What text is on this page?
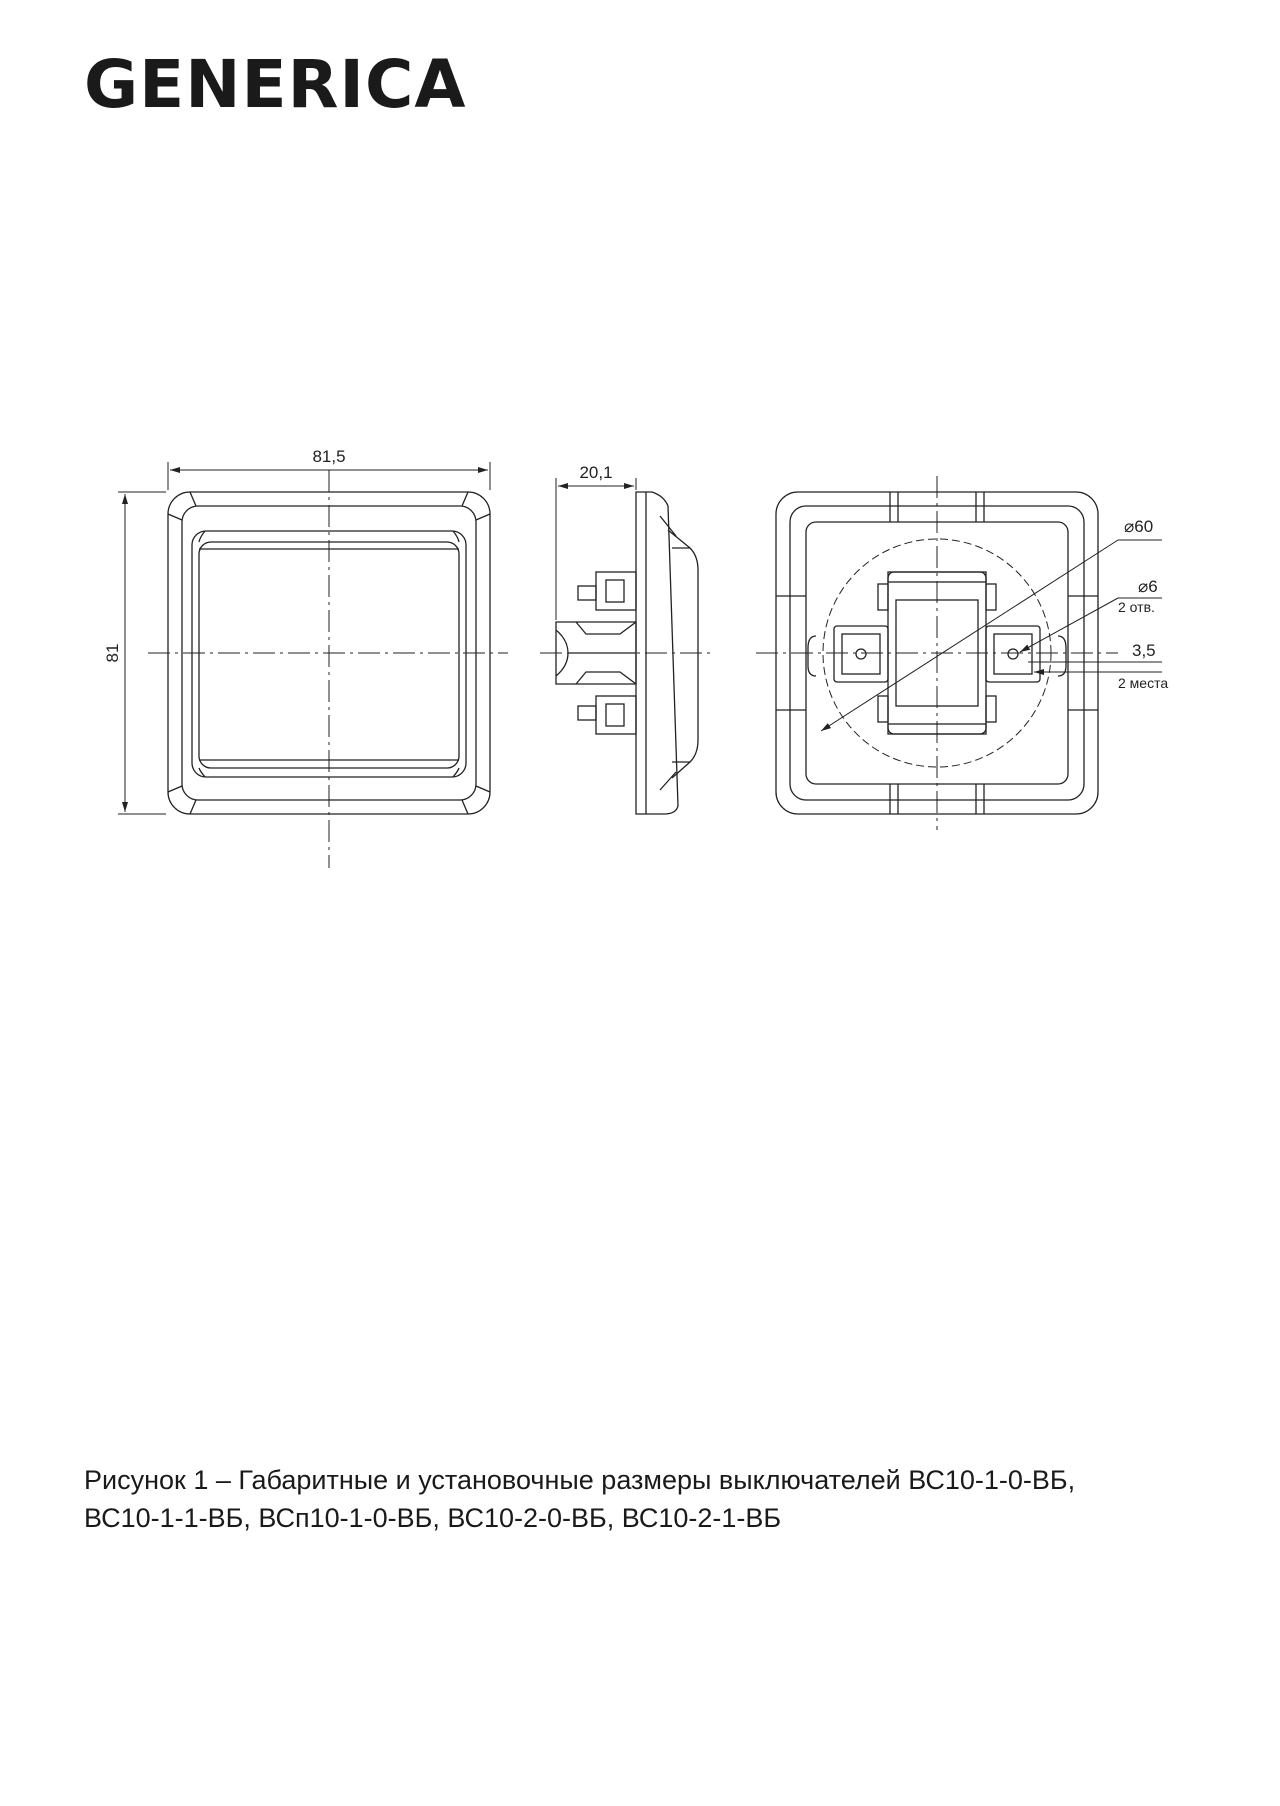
GENERICA
81,5
81
20,1
⌀60
⌀6
2 отв.
3,5
2 места
Рисунок 1 – Габаритные и установочные размеры выключателей ВС10-1-0-ВБ,
ВС10-1-1-ВБ, ВСп10-1-0-ВБ, ВС10-2-0-ВБ, ВС10-2-1-ВБ
